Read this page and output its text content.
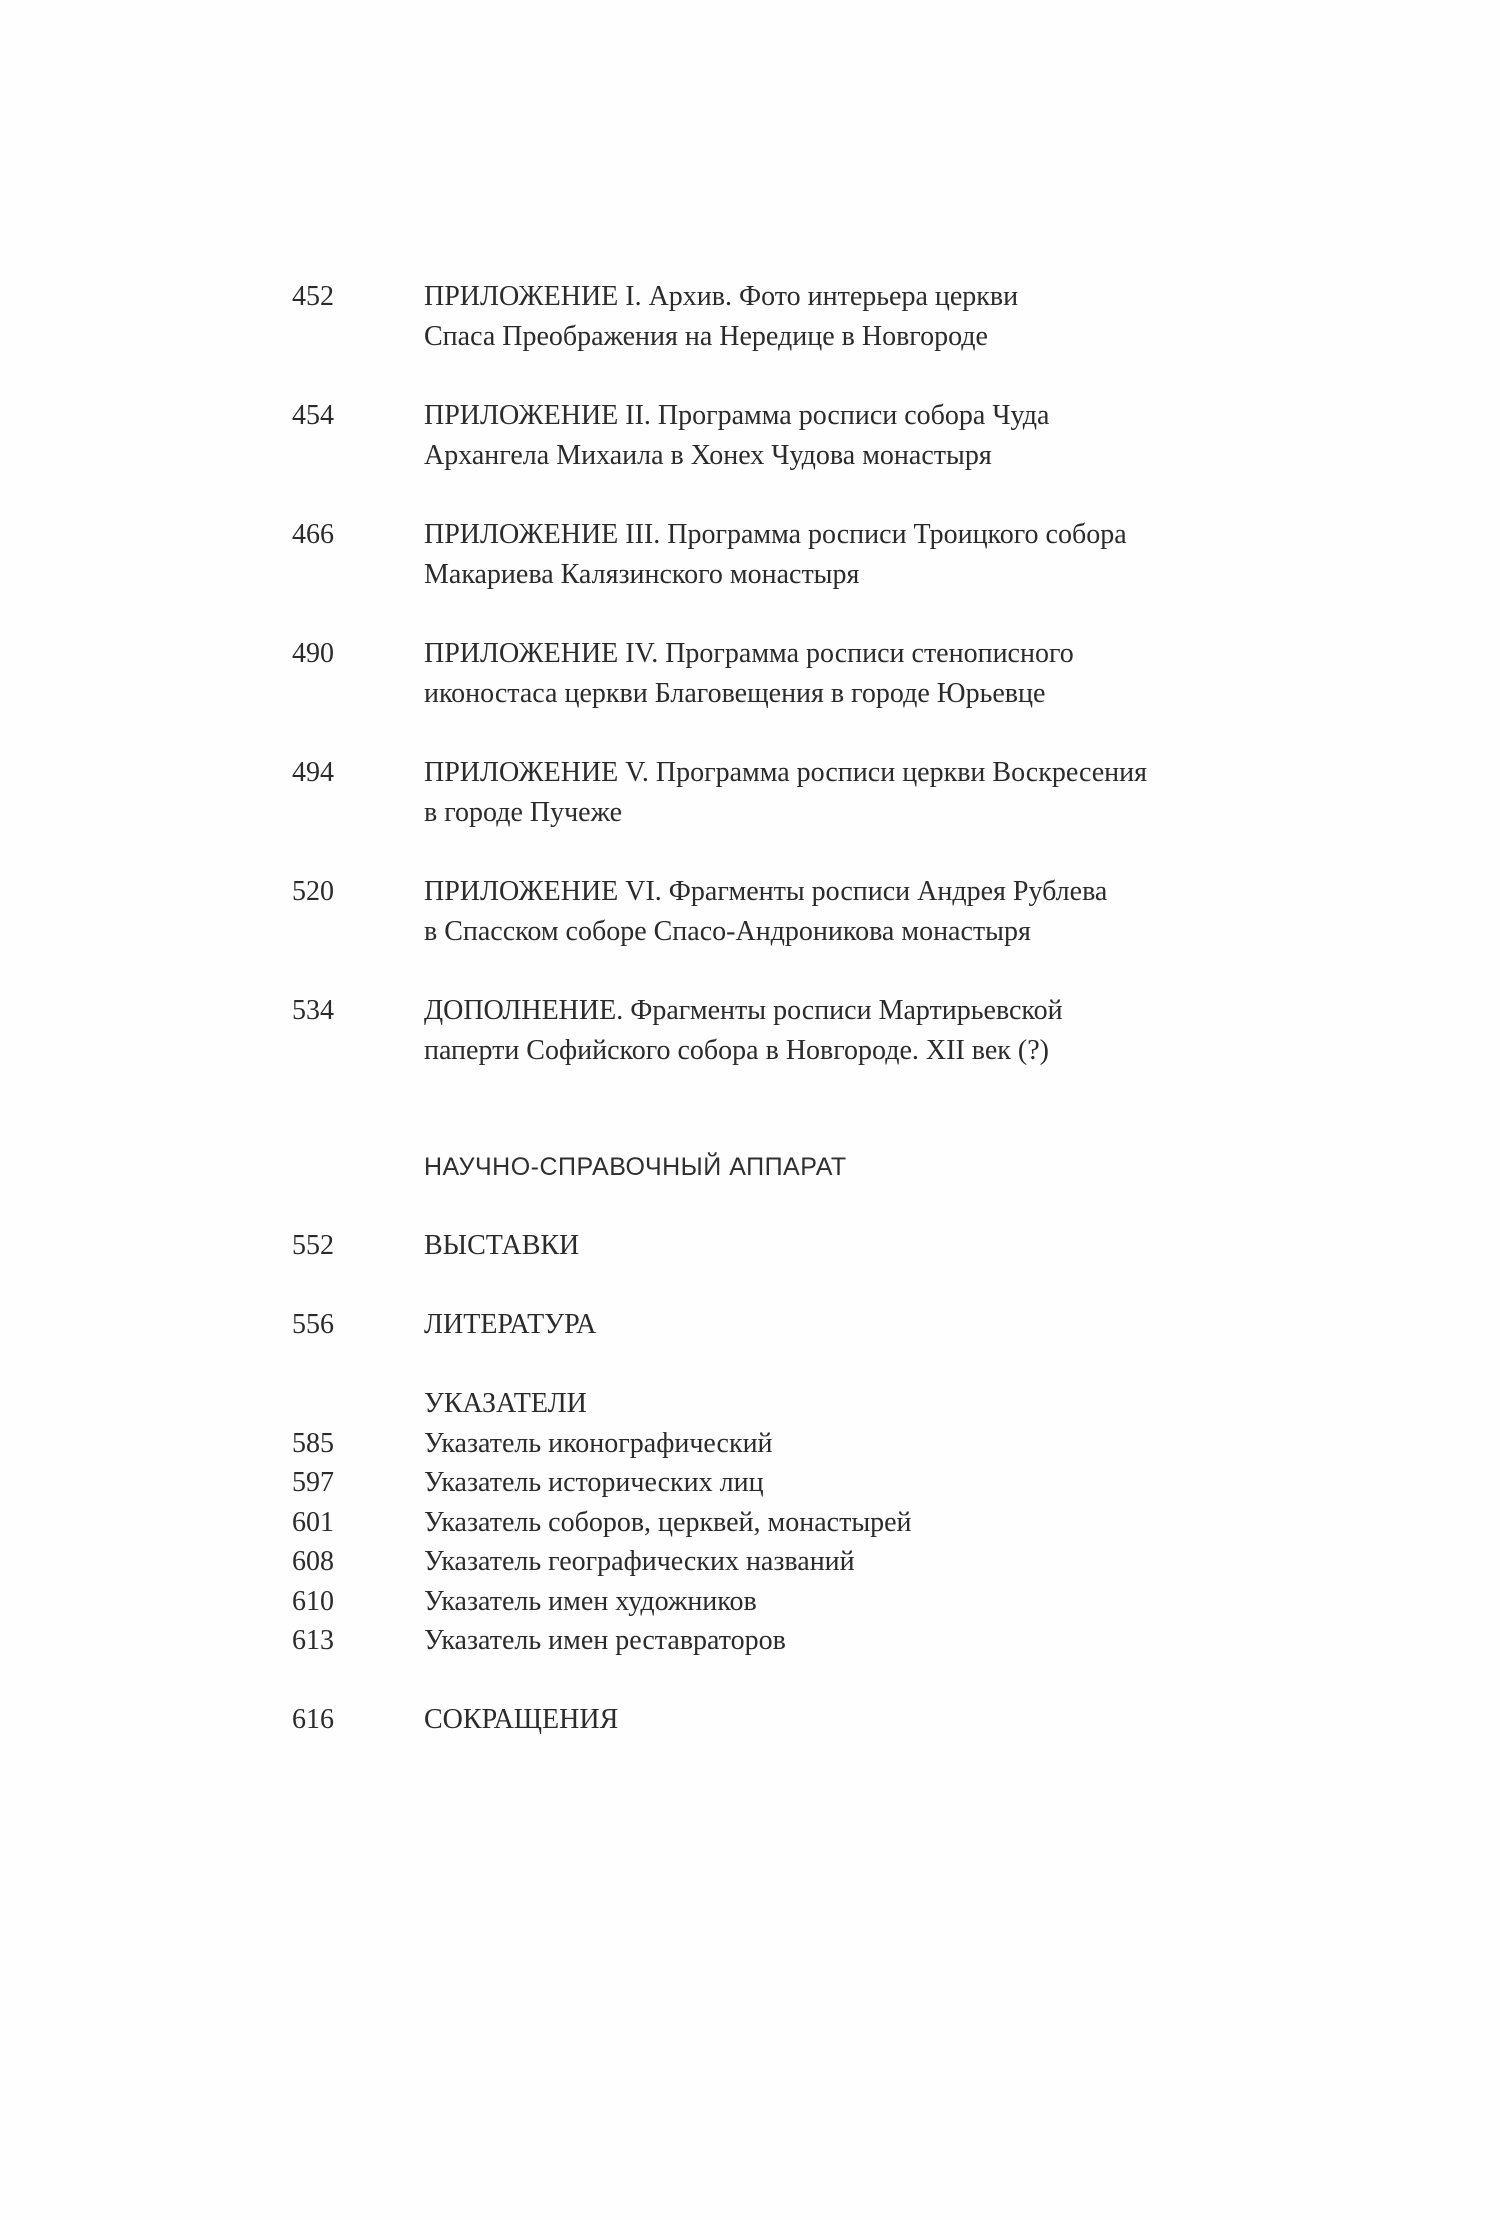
452	ПРИЛОЖЕНИЕ I. Архив. Фото интерьера церкви
Спаса Преображения на Нередице в Новгороде
454	ПРИЛОЖЕНИЕ II. Программа росписи собора Чуда
Архангела Михаила в Хонех Чудова монастыря
466	ПРИЛОЖЕНИЕ III. Программа росписи Троицкого собора
Макариева Калязинского монастыря
490	ПРИЛОЖЕНИЕ IV. Программа росписи стенописного
иконостаса церкви Благовещения в городе Юрьевце
494	ПРИЛОЖЕНИЕ V. Программа росписи церкви Воскресения
в городе Пучеже
520	ПРИЛОЖЕНИЕ VI. Фрагменты росписи Андрея Рублева
в Спасском соборе Спасо-Андроникова монастыря
534	ДОПОЛНЕНИЕ. Фрагменты росписи Мартирьевской
паперти Софийского собора в Новгороде. XII век (?)
НАУЧНО-СПРАВОЧНЫЙ АППАРАТ
552	ВЫСТАВКИ
556	ЛИТЕРАТУРА
УКАЗАТЕЛИ
585	Указатель иконографический
597	Указатель исторических лиц
601	Указатель соборов, церквей, монастырей
608	Указатель географических названий
610	Указатель имен художников
613	Указатель имен реставраторов
616	СОКРАЩЕНИЯ
